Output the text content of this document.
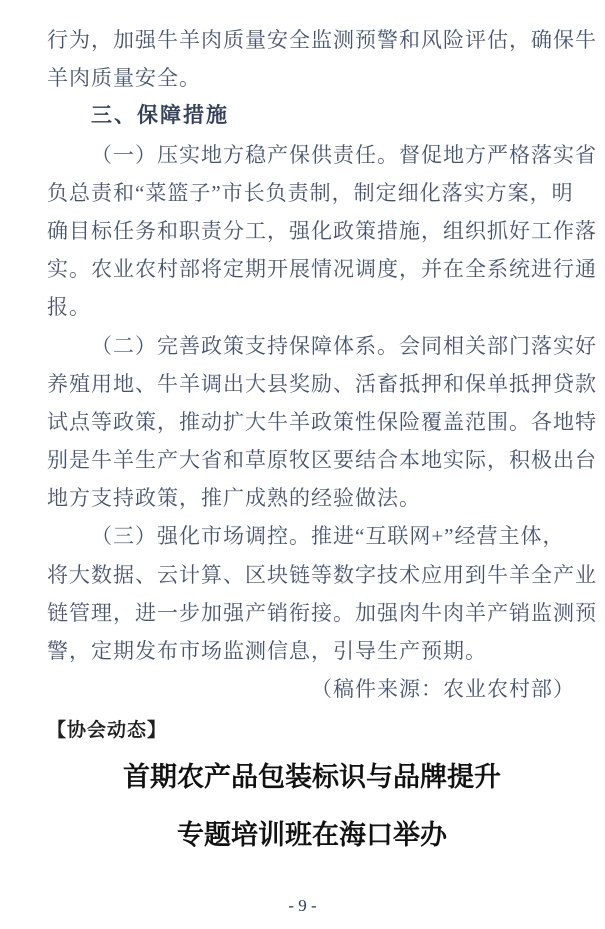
行为，加强牛羊肉质量安全监测预警和风险评估，确保牛
羊肉质量安全。
三、保障措施
（一）压实地方稳产保供责任。督促地方严格落实省
负总责和“菜篮子”市长负责制，制定细化落实方案，明
确目标任务和职责分工，强化政策措施，组织抓好工作落
实。农业农村部将定期开展情况调度，并在全系统进行通
报。
（二）完善政策支持保障体系。会同相关部门落实好
养殖用地、牛羊调出大县奖励、活畜抵押和保单抵押贷款
试点等政策，推动扩大牛羊政策性保险覆盖范围。各地特
别是牛羊生产大省和草原牧区要结合本地实际，积极出台
地方支持政策，推广成熟的经验做法。
（三）强化市场调控。推进“互联网+”经营主体，
将大数据、云计算、区块链等数字技术应用到牛羊全产业
链管理，进一步加强产销衔接。加强肉牛肉羊产销监测预
警，定期发布市场监测信息，引导生产预期。
（稿件来源：农业农村部）
【协会动态】
首期农产品包装标识与品牌提升
专题培训班在海口举办
- 9 -
